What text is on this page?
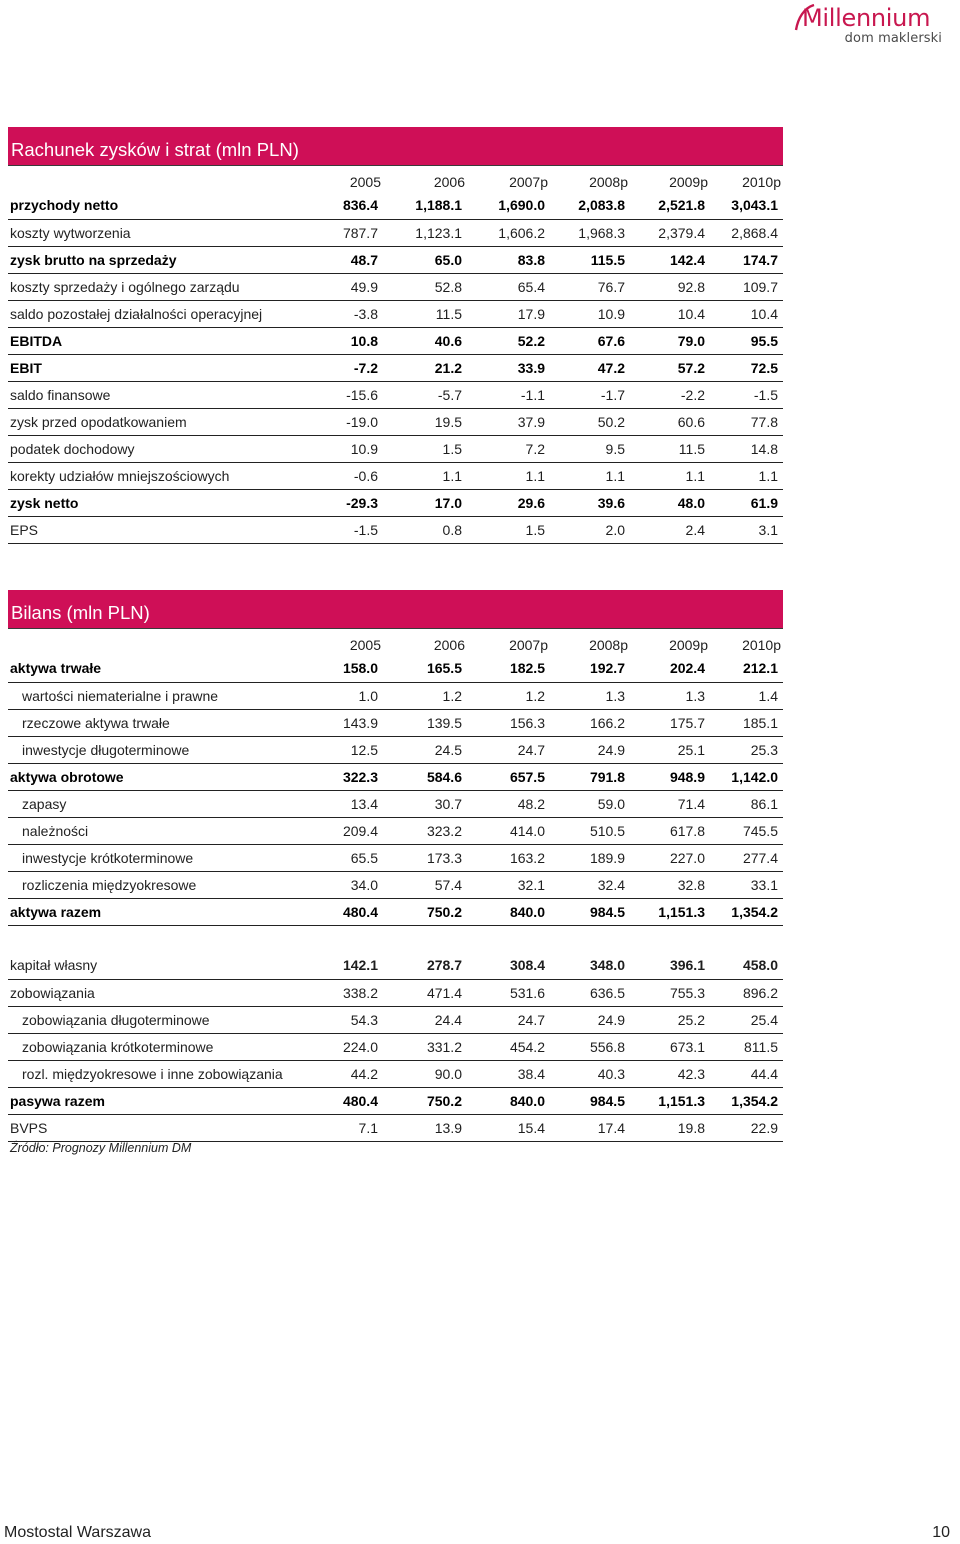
Millennium
dom maklerski
Rachunek zysków i strat (mln PLN)
	2005	2006	2007p	2008p	2009p	2010p
przychody netto	836.4	1,188.1	1,690.0	2,083.8	2,521.8	3,043.1
koszty wytworzenia	787.7	1,123.1	1,606.2	1,968.3	2,379.4	2,868.4
zysk brutto na sprzedaży	48.7	65.0	83.8	115.5	142.4	174.7
koszty sprzedaży i ogólnego zarządu	49.9	52.8	65.4	76.7	92.8	109.7
saldo pozostałej działalności operacyjnej	-3.8	11.5	17.9	10.9	10.4	10.4
EBITDA	10.8	40.6	52.2	67.6	79.0	95.5
EBIT	-7.2	21.2	33.9	47.2	57.2	72.5
saldo finansowe	-15.6	-5.7	-1.1	-1.7	-2.2	-1.5
zysk przed opodatkowaniem	-19.0	19.5	37.9	50.2	60.6	77.8
podatek dochodowy	10.9	1.5	7.2	9.5	11.5	14.8
korekty udziałów mniejszościowych	-0.6	1.1	1.1	1.1	1.1	1.1
zysk netto	-29.3	17.0	29.6	39.6	48.0	61.9
EPS	-1.5	0.8	1.5	2.0	2.4	3.1
Bilans (mln PLN)
	2005	2006	2007p	2008p	2009p	2010p
aktywa trwałe	158.0	165.5	182.5	192.7	202.4	212.1
wartości niematerialne i prawne	1.0	1.2	1.2	1.3	1.3	1.4
rzeczowe aktywa trwałe	143.9	139.5	156.3	166.2	175.7	185.1
inwestycje długoterminowe	12.5	24.5	24.7	24.9	25.1	25.3
aktywa obrotowe	322.3	584.6	657.5	791.8	948.9	1,142.0
zapasy	13.4	30.7	48.2	59.0	71.4	86.1
należności	209.4	323.2	414.0	510.5	617.8	745.5
inwestycje krótkoterminowe	65.5	173.3	163.2	189.9	227.0	277.4
rozliczenia międzyokresowe	34.0	57.4	32.1	32.4	32.8	33.1
aktywa razem	480.4	750.2	840.0	984.5	1,151.3	1,354.2

kapitał własny	142.1	278.7	308.4	348.0	396.1	458.0
zobowiązania	338.2	471.4	531.6	636.5	755.3	896.2
zobowiązania długoterminowe	54.3	24.4	24.7	24.9	25.2	25.4
zobowiązania krótkoterminowe	224.0	331.2	454.2	556.8	673.1	811.5
rozl. międzyokresowe i inne zobowiązania	44.2	90.0	38.4	40.3	42.3	44.4
pasywa razem	480.4	750.2	840.0	984.5	1,151.3	1,354.2
BVPS	7.1	13.9	15.4	17.4	19.8	22.9
Źródło: Prognozy Millennium DM
Mostostal Warszawa	10
